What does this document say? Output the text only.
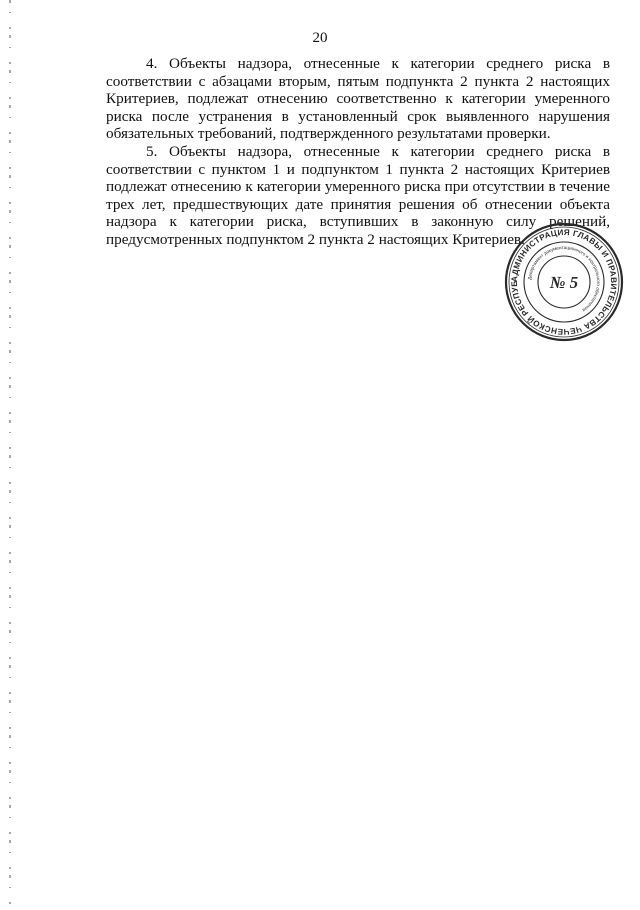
20

4. Объекты надзора, отнесенные к категории среднего риска в соответствии с абзацами вторым, пятым подпункта 2 пункта 2 настоящих Критериев, подлежат отнесению соответственно к категории умеренного риска после устранения в установленный срок выявленного нарушения обязательных требований, подтвержденного результатами проверки.

5. Объекты надзора, отнесенные к категории среднего риска в соответствии с пунктом 1 и подпунктом 1 пункта 2 настоящих Критериев подлежат отнесению к категории умеренного риска при отсутствии в течение трех лет, предшествующих дате принятия решения об отнесении объекта надзора к категории риска, вступивших в законную силу решений, предусмотренных подпунктом 2 пункта 2 настоящих Критериев.

АДМИНИСТРАЦИЯ ГЛАВЫ И ПРАВИТЕЛЬСТВА ЧЕЧЕНСКОЙ РЕСПУБ
Департамент документационного и контрольного обеспечения
№ 5
